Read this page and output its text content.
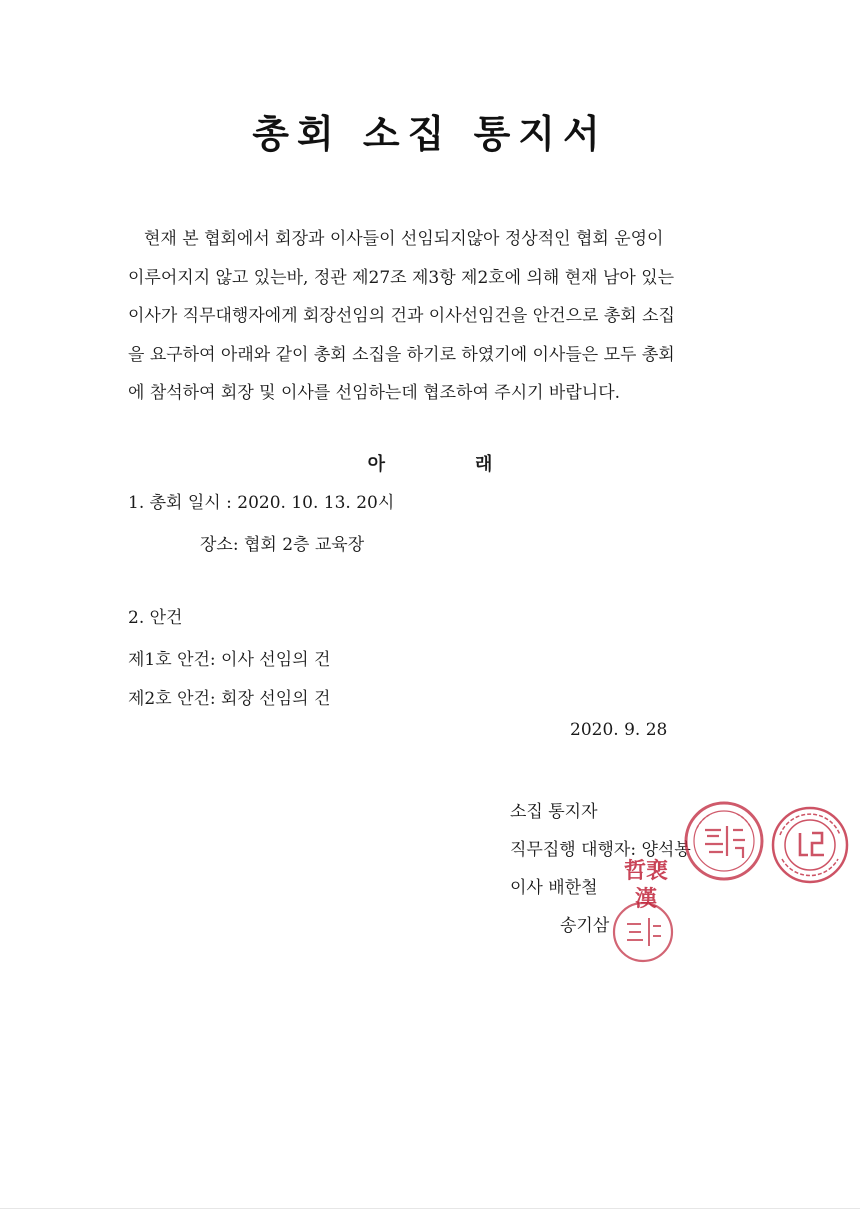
총회 소집 통지서
현재 본 협회에서 회장과 이사들이 선임되지않아 정상적인 협회 운영이
이루어지지 않고 있는바, 정관 제27조 제3항 제2호에 의해 현재 남아 있는
이사가 직무대행자에게 회장선임의 건과 이사선임건을 안건으로 총회 소집
을 요구하여 아래와 같이 총회 소집을 하기로 하였기에 이사들은 모두 총회
에 참석하여 회장 및 이사를 선임하는데 협조하여 주시기 바랍니다.
아	래
1. 총회 일시 : 2020. 10. 13. 20시
장소: 협회 2층 교육장
2. 안건
제1호 안건: 이사 선임의 건
제2호 안건: 회장 선임의 건
2020. 9. 28
소집 통지자
직무집행 대행자: 양석봉
이사 배한철
송기삼
哲 裵
漢
